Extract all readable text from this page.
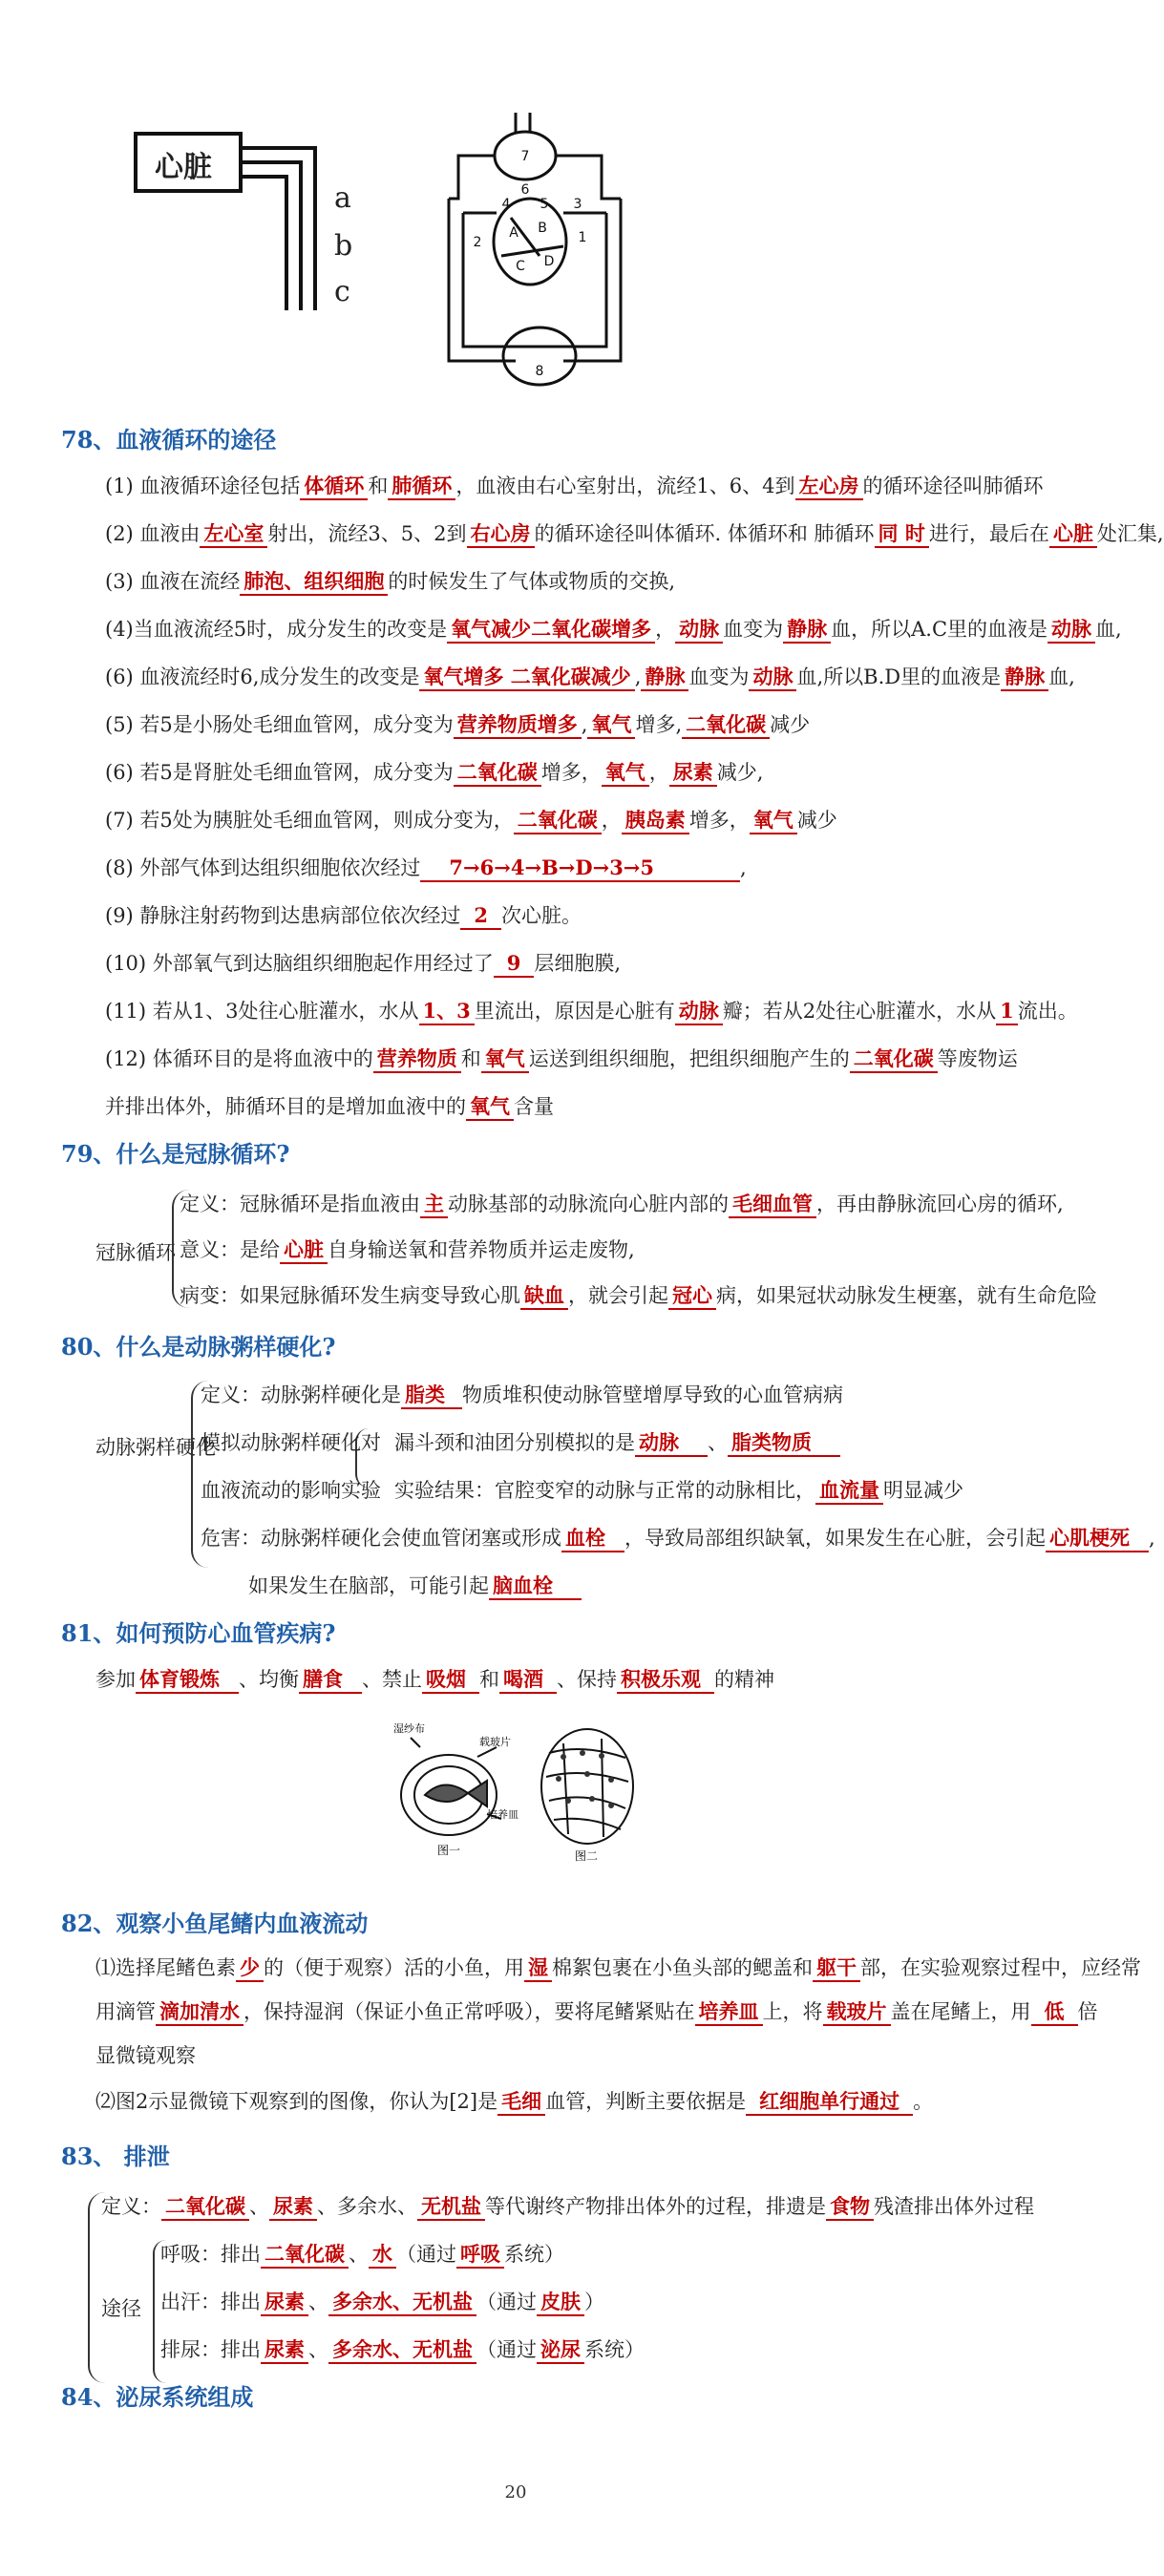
心脏
a
b
c
7
6
5
4	3
2	1
8
A B
C D
78、血液循环的途径
(1) 血液循环途径包括 体循环 和 肺循环 ，血液由右心室射出，流经1、6、4到 左心房 的循环途径叫肺循环
(2) 血液由 左心室 射出，流经3、5、2到 右心房 的循环途径叫体循环. 体循环和 肺循环 同 时 进行，最后在 心脏 处汇集,
(3) 血液在流经 肺泡、组织细胞 的时候发生了气体或物质的交换,
(4)当血液流经5时，成分发生的改变是 氧气减少二氧化碳增多 ， 动脉 血变为 静脉 血，所以A.C里的血液是 动脉 血,
(6) 血液流经时6,成分发生的改变是 氧气增多 二氧化碳减少 , 静脉 血变为 动脉 血,所以B.D里的血液是 静脉 血,
(5) 若5是小肠处毛细血管网，成分变为 营养物质增多 , 氧气 增多, 二氧化碳 减少
(6) 若5是肾脏处毛细血管网，成分变为 二氧化碳 增多， 氧气 ， 尿素 减少,
(7) 若5处为胰脏处毛细血管网，则成分变为， 二氧化碳 ， 胰岛素 增多， 氧气 减少
(8) 外部气体到达组织细胞依次经过 7→6→4→B→D→3→5	,
(9) 静脉注射药物到达患病部位依次经过 2 次心脏。
(10) 外部氧气到达脑组织细胞起作用经过了 9 层细胞膜,
(11) 若从1、3处往心脏灌水，水从 1、3 里流出，原因是心脏有 动脉 瓣；若从2处往心脏灌水，水从 1 流出。
(12) 体循环目的是将血液中的 营养物质 和 氧气 运送到组织细胞，把组织细胞产生的 二氧化碳 等废物运
并排出体外，肺循环目的是增加血液中的 氧气 含量
79、什么是冠脉循环?
冠脉循环
定义：冠脉循环是指血液由 主 动脉基部的动脉流向心脏内部的 毛细血管 ，再由静脉流回心房的循环,
意义：是给 心脏 自身输送氧和营养物质并运走废物,
病变：如果冠脉循环发生病变导致心肌 缺血 ，就会引起 冠心 病，如果冠状动脉发生梗塞，就有生命危险
80、什么是动脉粥样硬化?
动脉粥样硬化
定义：动脉粥样硬化是 脂类 物质堆积使动脉管壁增厚导致的心血管病病
模拟动脉粥样硬化对 漏斗颈和油团分别模拟的是 动脉 、 脂类物质
血液流动的影响实验 实验结果：官腔变窄的动脉与正常的动脉相比， 血流量 明显减少
危害：动脉粥样硬化会使血管闭塞或形成 血栓 ，导致局部组织缺氧，如果发生在心脏，会引起 心肌梗死 ,
如果发生在脑部，可能引起 脑血栓
81、如何预防心血管疾病?
参加 体育锻炼 、均衡 膳食 、禁止 吸烟 和 喝酒 、保持 积极乐观 的精神
湿纱布
载玻片
培养皿
图一	图二
82、观察小鱼尾鳍内血液流动
⑴选择尾鳍色素 少 的（便于观察）活的小鱼，用 湿 棉絮包裹在小鱼头部的鳃盖和 躯干 部，在实验观察过程中，应经常
用滴管 滴加清水 ，保持湿润（保证小鱼正常呼吸），要将尾鳍紧贴在 培养皿 上，将 载玻片 盖在尾鳍上，用 低 倍
显微镜观察
⑵图2示显微镜下观察到的图像，你认为[2]是 毛细 血管，判断主要依据是 红细胞单行通过 。
83、 排泄
途径
定义： 二氧化碳 、 尿素 、多余水、 无机盐 等代谢终产物排出体外的过程，排遗是 食物 残渣排出体外过程
呼吸：排出 二氧化碳 、 水 （通过 呼吸 系统）
出汗：排出 尿素 、 多余水、无机盐 （通过 皮肤 ）
排尿：排出 尿素 、 多余水、无机盐 （通过 泌尿 系统）
84、泌尿系统组成
20
